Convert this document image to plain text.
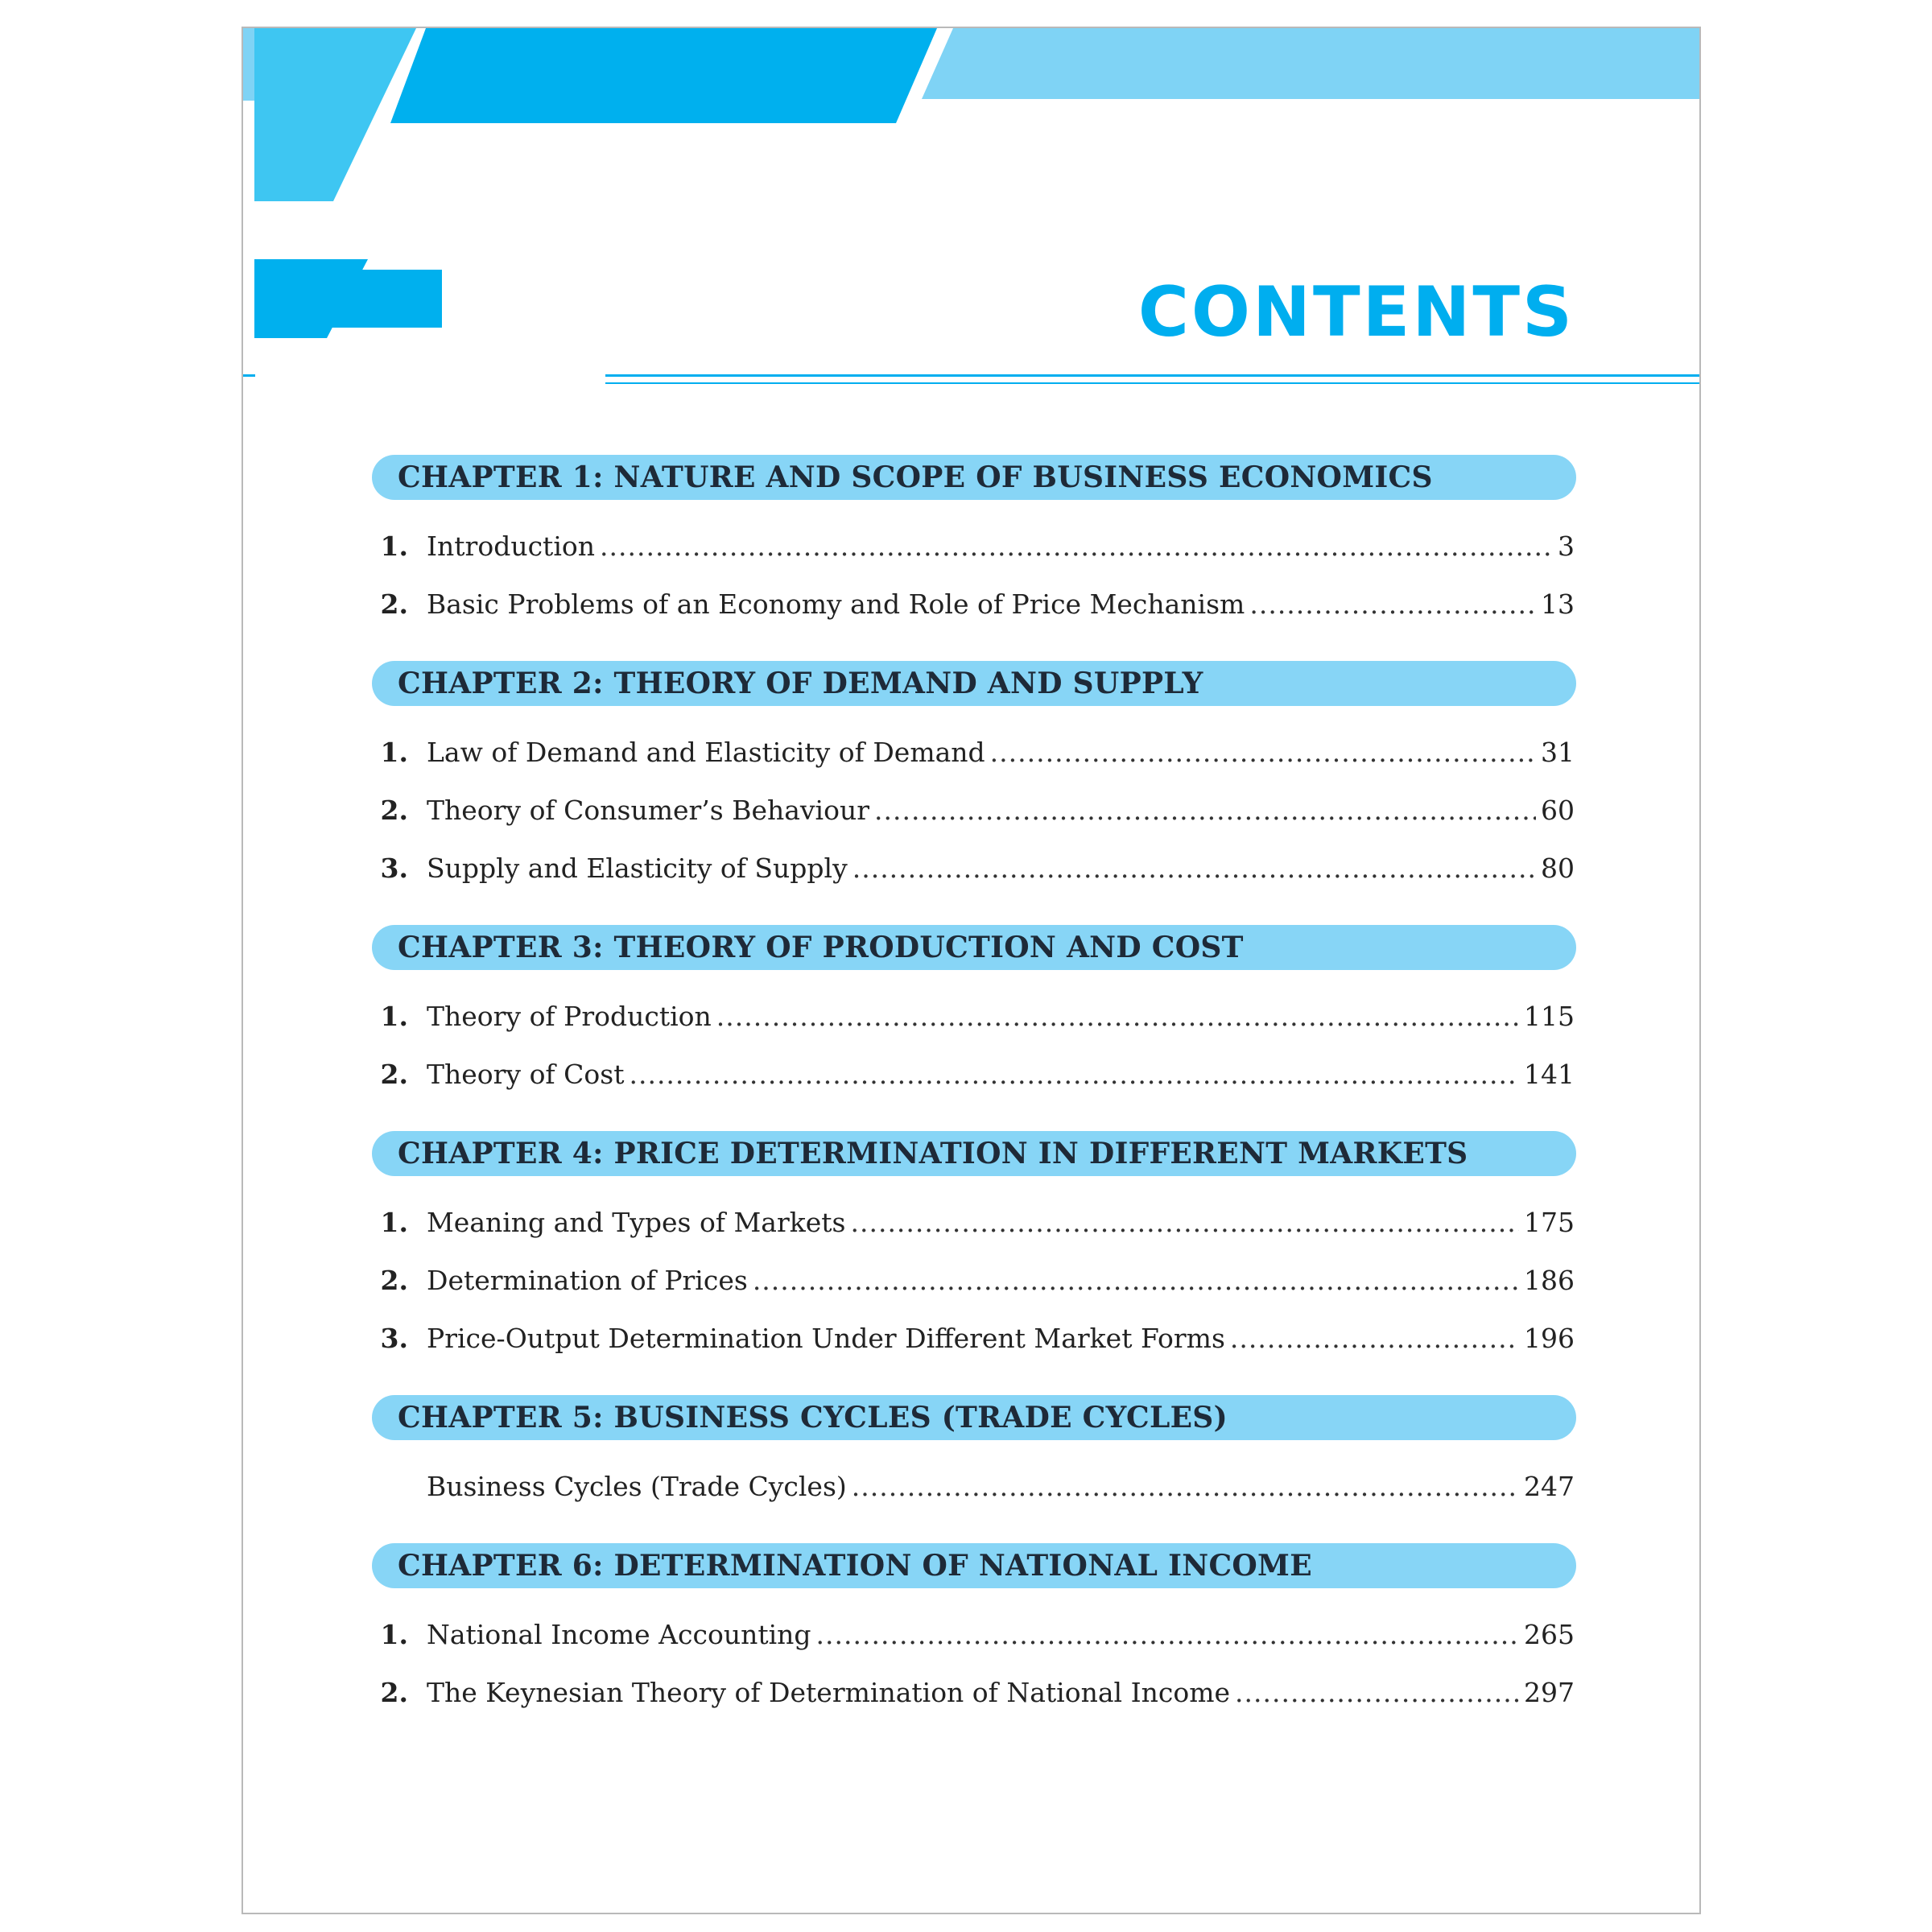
CONTENTS
CHAPTER 1: NATURE AND SCOPE OF BUSINESS ECONOMICS
1. Introduction .....	3
2. Basic Problems of an Economy and Role of Price Mechanism .....	13
CHAPTER 2: THEORY OF DEMAND AND SUPPLY
1. Law of Demand and Elasticity of Demand .....	31
2. Theory of Consumer’s Behaviour .....	60
3. Supply and Elasticity of Supply .....	80
CHAPTER 3: THEORY OF PRODUCTION AND COST
1. Theory of Production .....	115
2. Theory of Cost .....	141
CHAPTER 4: PRICE DETERMINATION IN DIFFERENT MARKETS
1. Meaning and Types of Markets .....	175
2. Determination of Prices .....	186
3. Price-Output Determination Under Different Market Forms .....	196
CHAPTER 5: BUSINESS CYCLES (TRADE CYCLES)
Business Cycles (Trade Cycles) .....	247
CHAPTER 6: DETERMINATION OF NATIONAL INCOME
1. National Income Accounting .....	265
2. The Keynesian Theory of Determination of National Income .....	297
